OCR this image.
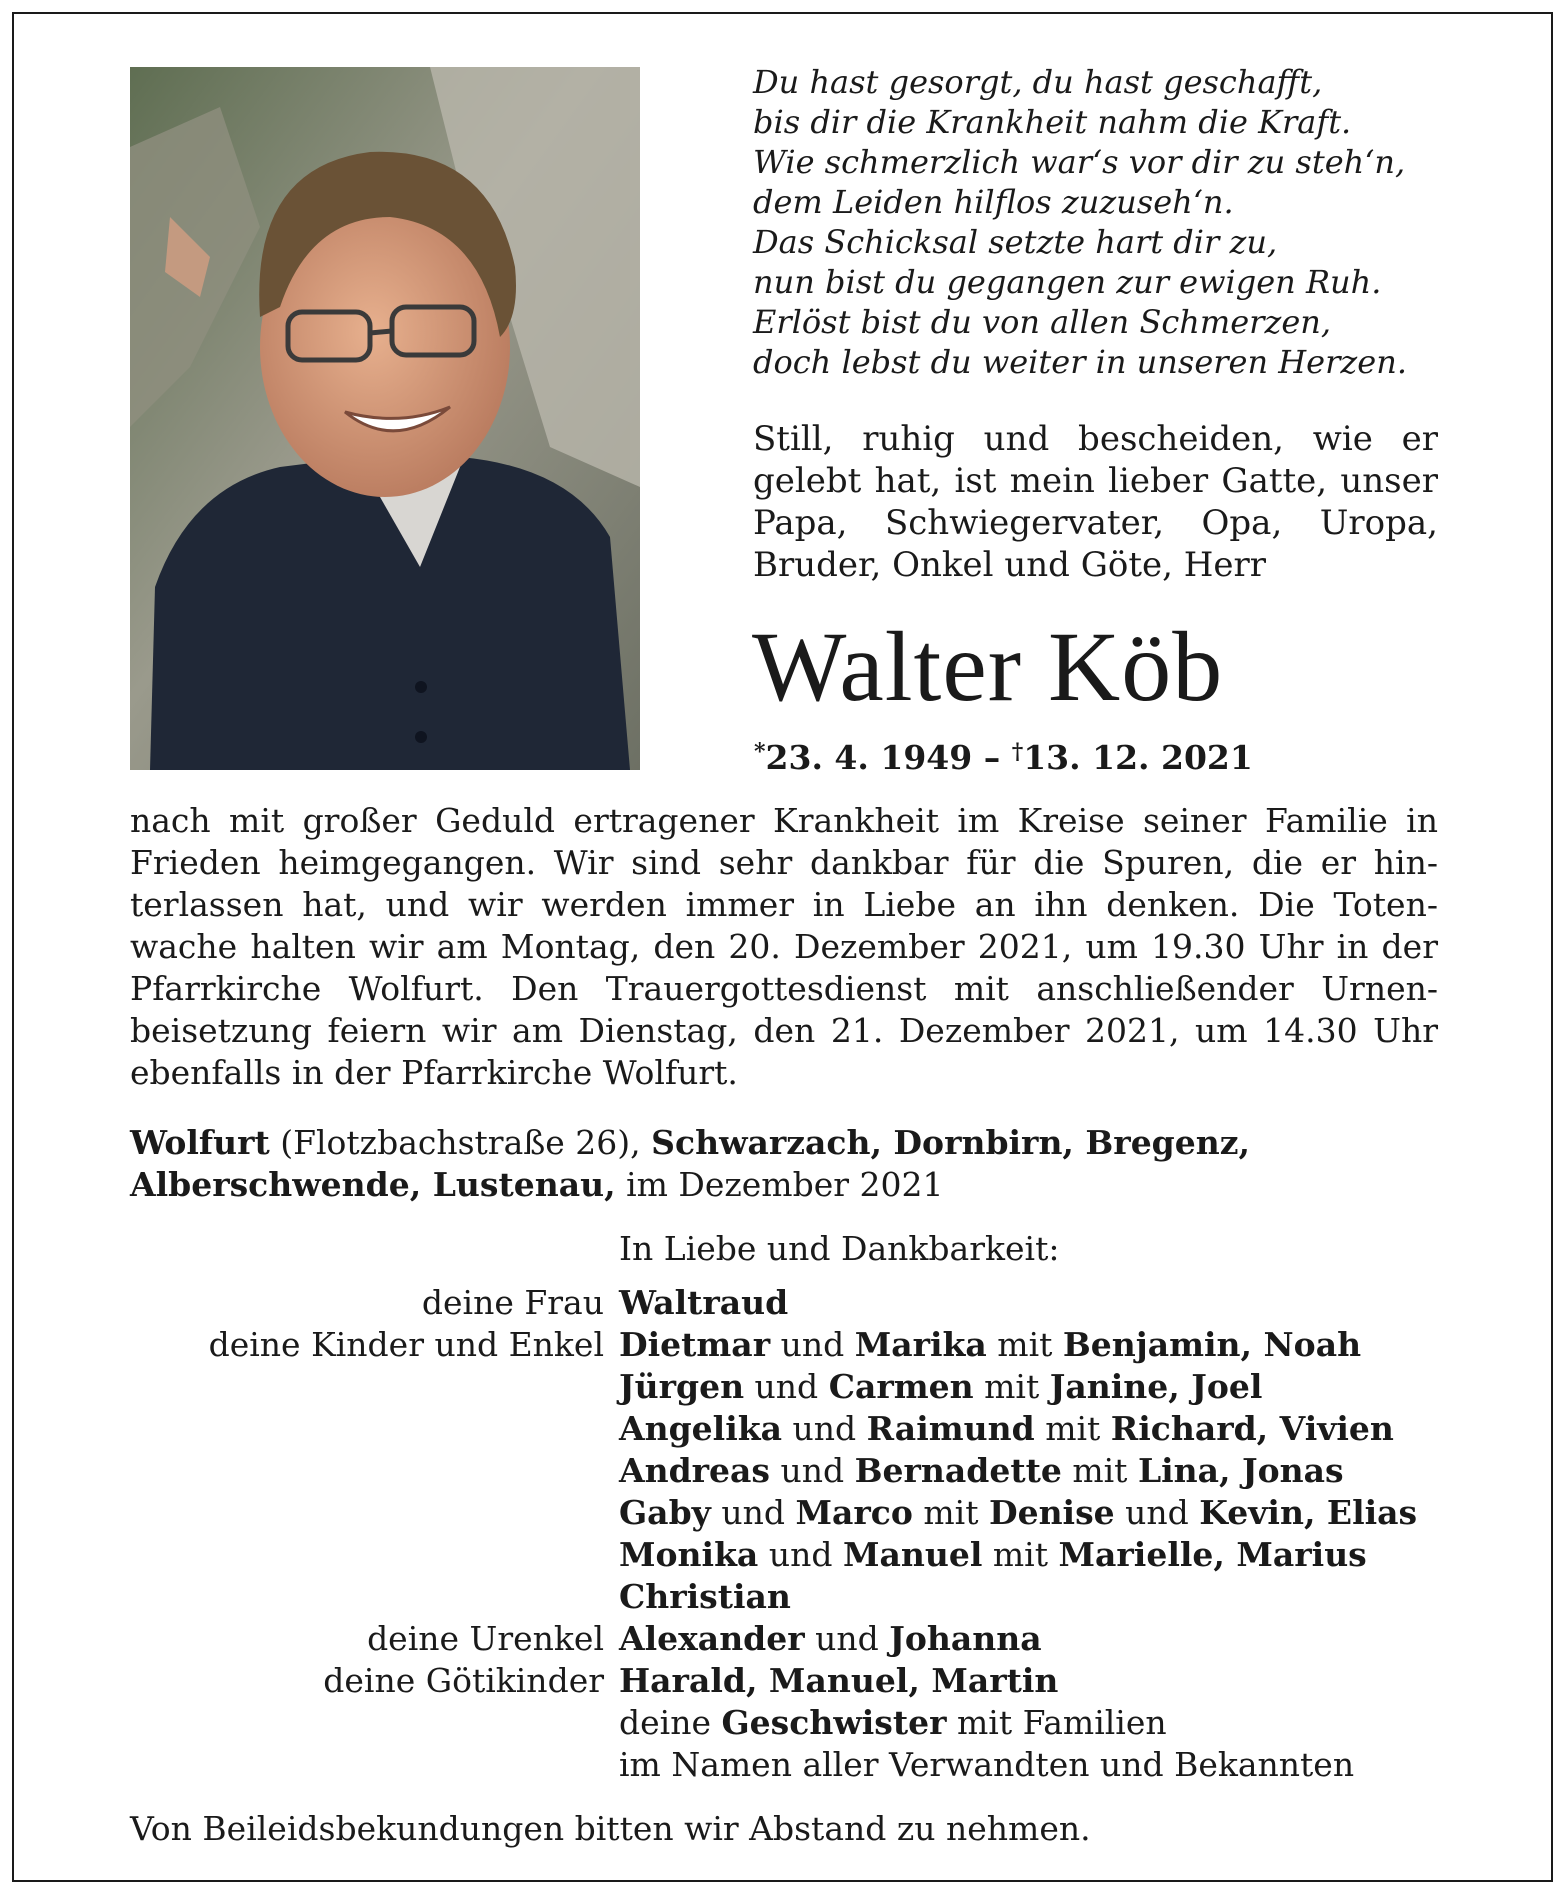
Du hast gesorgt, du hast geschafft,
bis dir die Krankheit nahm die Kraft.
Wie schmerzlich war‘s vor dir zu steh‘n,
dem Leiden hilflos zuzuseh‘n.
Das Schicksal setzte hart dir zu,
nun bist du gegangen zur ewigen Ruh.
Erlöst bist du von allen Schmerzen,
doch lebst du weiter in unseren Herzen.
Still, ruhig und bescheiden, wie er gelebt hat, ist mein lieber Gatte, unser Papa, Schwiegervater, Opa, Uropa, Bruder, Onkel und Göte, Herr
Walter Köb
*23. 4. 1949 – †13. 12. 2021
nach mit großer Geduld ertragener Krankheit im Kreise seiner Familie in
Frieden heimgegangen. Wir sind sehr dankbar für die Spuren, die er hin-
terlassen hat, und wir werden immer in Liebe an ihn denken. Die Toten-
wache halten wir am Montag, den 20. Dezember 2021, um 19.30 Uhr in der
Pfarrkirche Wolfurt. Den Trauergottesdienst mit anschließender Urnen-
beisetzung feiern wir am Dienstag, den 21. Dezember 2021, um 14.30 Uhr
ebenfalls in der Pfarrkirche Wolfurt.
Wolfurt (Flotzbachstraße 26), Schwarzach, Dornbirn, Bregenz,
Alberschwende, Lustenau, im Dezember 2021
In Liebe und Dankbarkeit:
deine Frau Waltraud
deine Kinder und Enkel Dietmar und Marika mit Benjamin, Noah
Jürgen und Carmen mit Janine, Joel
Angelika und Raimund mit Richard, Vivien
Andreas und Bernadette mit Lina, Jonas
Gaby und Marco mit Denise und Kevin, Elias
Monika und Manuel mit Marielle, Marius
Christian
deine Urenkel Alexander und Johanna
deine Götikinder Harald, Manuel, Martin
deine Geschwister mit Familien
im Namen aller Verwandten und Bekannten
Von Beileidsbekundungen bitten wir Abstand zu nehmen.
